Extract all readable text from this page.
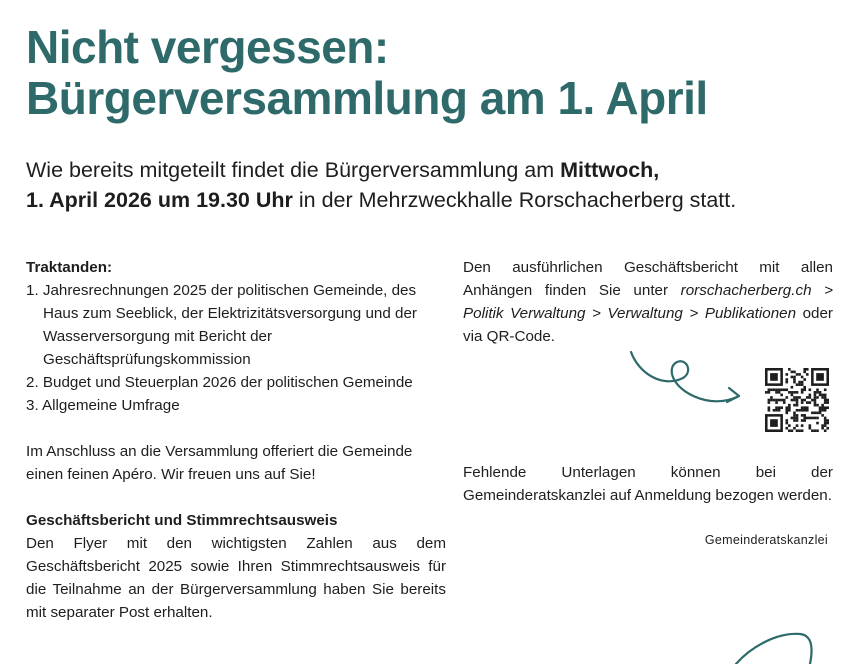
Nicht vergessen:
Bürgerversammlung am 1. April

Wie bereits mitgeteilt findet die Bürgerversammlung am Mittwoch,
1. April 2026 um 19.30 Uhr in der Mehrzweckhalle Rorschacherberg statt.

Traktanden:

1. Jahresrechnungen 2025 der politischen Gemeinde, des Haus zum Seeblick, der Elektrizitätsversorgung und der Wasserversorgung mit Bericht der Geschäftsprüfungskommission
2. Budget und Steuerplan 2026 der politischen Gemeinde
3. Allgemeine Umfrage

Im Anschluss an die Versammlung offeriert die Gemeinde einen feinen Apéro. Wir freuen uns auf Sie!

Geschäftsbericht und Stimmrechtsausweis

Den Flyer mit den wichtigsten Zahlen aus dem Geschäftsbericht 2025 sowie Ihren Stimmrechtsausweis für die Teilnahme an der Bürgerversammlung haben Sie bereits mit separater Post erhalten.

Den ausführlichen Geschäftsbericht mit allen Anhängen finden Sie unter rorschacherberg.ch > Politik Verwaltung > Verwaltung > Publikationen oder via QR-Code.

Fehlende Unterlagen können bei der Gemeinderatskanzlei auf Anmeldung bezogen werden.

Gemeinderatskanzlei
